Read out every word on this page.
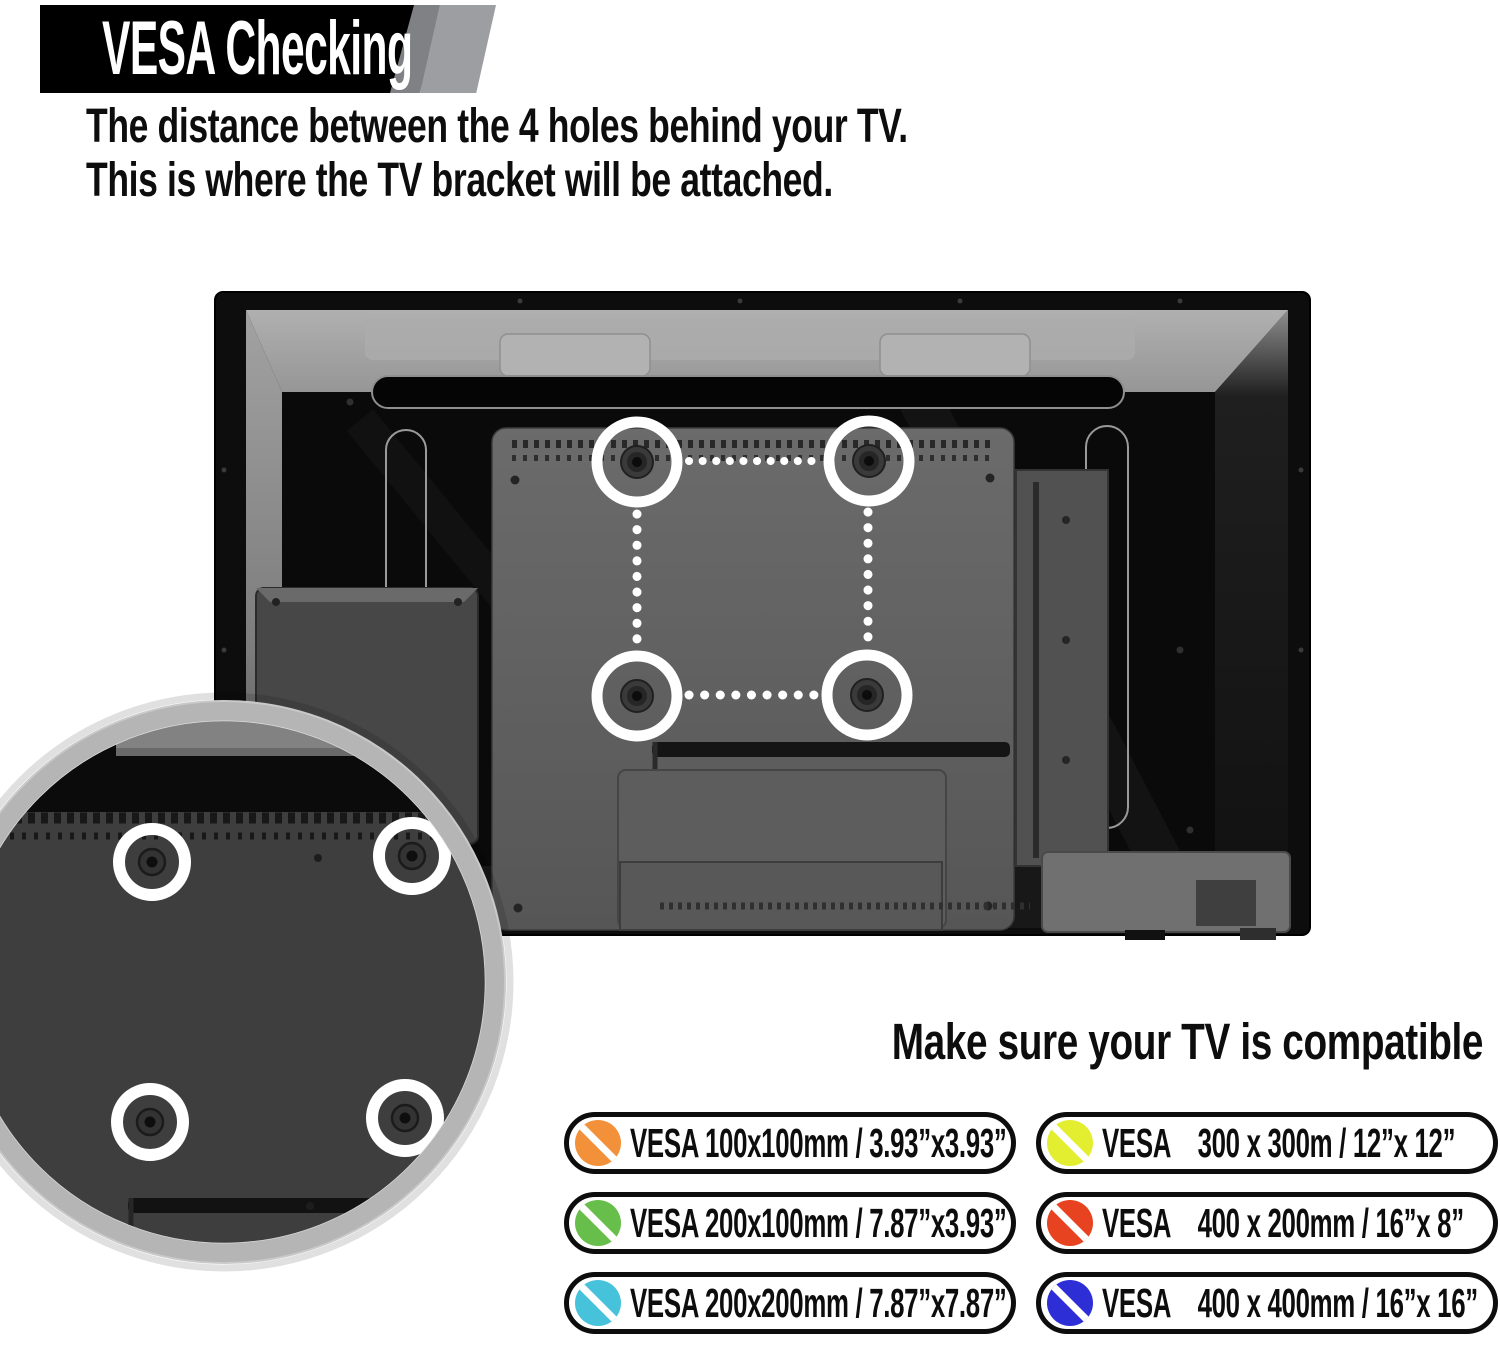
VESA Checking
The distance between the 4 holes behind your TV.
This is where the TV bracket will be attached.
Make sure your TV is compatible
VESA 100x100mm / 3.93”x3.93”
VESA 200x100mm / 7.87”x3.93”
VESA 200x200mm / 7.87”x7.87”
VESA    300 x 300m / 12”x 12”
VESA    400 x 200mm / 16”x 8”
VESA    400 x 400mm / 16”x 16”
